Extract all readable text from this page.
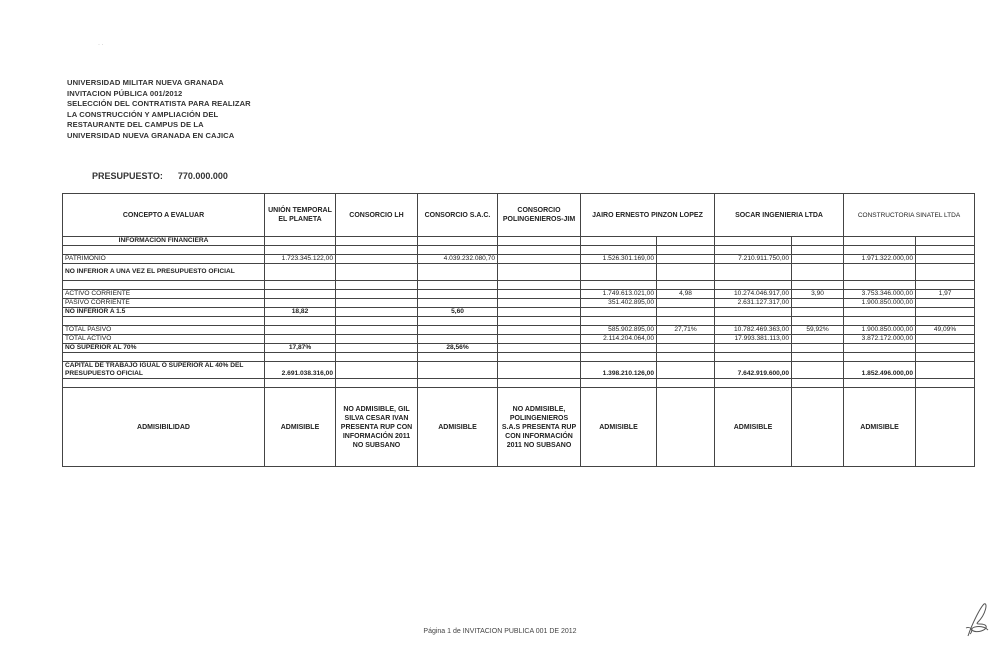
· ·
UNIVERSIDAD MILITAR NUEVA GRANADA
INVITACION PÚBLICA 001/2012
SELECCIÓN DEL CONTRATISTA PARA REALIZAR
LA CONSTRUCCIÓN Y AMPLIACIÓN DEL
RESTAURANTE DEL CAMPUS DE LA
UNIVERSIDAD NUEVA GRANADA EN CAJICA
PRESUPUESTO: 770.000.000
CONCEPTO A EVALUAR	UNIÓN TEMPORAL EL PLANETA	CONSORCIO LH	CONSORCIO S.A.C.	CONSORCIO POLINGENIEROS-JIM	JAIRO ERNESTO PINZON LOPEZ		SOCAR INGENIERIA LTDA		CONSTRUCTORIA SINATEL LTDA	
INFORMACION FINANCIERA										

PATRIMONIO	1.723.345.122,00		4.039.232.080,70		1.526.301.169,00		7.210.911.750,00		1.971.322.000,00	
NO INFERIOR A UNA VEZ EL PRESUPUESTO OFICIAL										

ACTIVO CORRIENTE					1.749.613.021,00	4,98	10.274.046.917,00	3,90	3.753.346.000,00	1,97
PASIVO CORRIENTE					351.402.895,00		2.631.127.317,00		1.900.850.000,00	
NO INFERIOR A 1.5	18,82		5,60							

TOTAL PASIVO					585.902.895,00	27,71%	10.782.469.363,00	59,92%	1.900.850.000,00	49,09%
TOTAL ACTIVO					2.114.204.064,00		17.993.381.113,00		3.872.172.000,00	
NO SUPERIOR AL 70%	17,87%		28,56%							

CAPITAL DE TRABAJO IGUAL O SUPERIOR AL 40% DEL PRESUPUESTO OFICIAL	2.691.038.316,00				1.398.210.126,00		7.642.919.600,00		1.852.496.000,00	

ADMISIBILIDAD	ADMISIBLE	NO ADMISIBLE, GIL SILVA CESAR IVAN PRESENTA RUP CON INFORMACIÓN 2011 NO SUBSANO	ADMISIBLE	NO ADMISIBLE, POLINGENIEROS S.A.S PRESENTA RUP CON INFORMACIÓN 2011 NO SUBSANO	ADMISIBLE		ADMISIBLE		ADMISIBLE	
Página 1 de INVITACION PUBLICA 001 DE 2012
